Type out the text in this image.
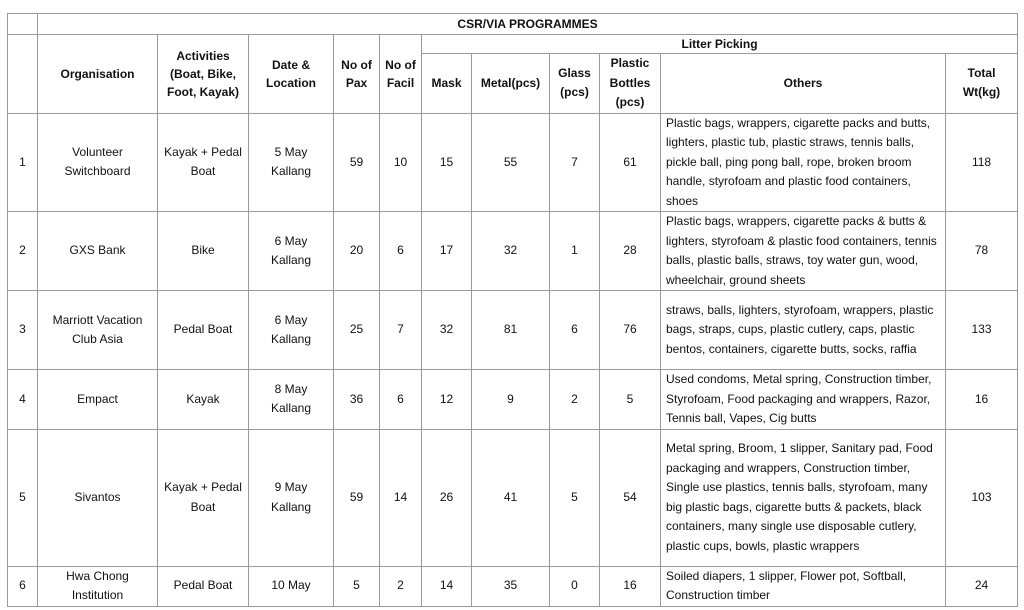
	CSR/VIA PROGRAMMES										
	Organisation	Activities (Boat, Bike, Foot, Kayak)	Date & Location	No of Pax	No of Facil	Litter Picking					
						Mask	Metal(pcs)	Glass (pcs)	Plastic Bottles (pcs)	Others	Total Wt(kg)
1	Volunteer Switchboard	Kayak + Pedal Boat	5 May Kallang	59	10	15	55	7	61	Plastic bags, wrappers, cigarette packs and butts, lighters, plastic tub, plastic straws, tennis balls, pickle ball, ping pong ball, rope, broken broom handle, styrofoam and plastic food containers, shoes	118
2	GXS Bank	Bike	6 May Kallang	20	6	17	32	1	28	Plastic bags, wrappers, cigarette packs & butts & lighters, styrofoam & plastic food containers, tennis balls, plastic balls, straws, toy water gun, wood, wheelchair, ground sheets	78
3	Marriott Vacation Club Asia	Pedal Boat	6 May Kallang	25	7	32	81	6	76	straws, balls, lighters, styrofoam, wrappers, plastic bags, straps, cups, plastic cutlery, caps, plastic bentos, containers, cigarette butts, socks, raffia	133
4	Empact	Kayak	8 May Kallang	36	6	12	9	2	5	Used condoms, Metal spring, Construction timber, Styrofoam, Food packaging and wrappers, Razor, Tennis ball, Vapes, Cig butts	16
5	Sivantos	Kayak + Pedal Boat	9 May Kallang	59	14	26	41	5	54	Metal spring, Broom, 1 slipper, Sanitary pad, Food packaging and wrappers, Construction timber, Single use plastics, tennis balls, styrofoam, many big plastic bags, cigarette butts & packets, black containers, many single use disposable cutlery, plastic cups, bowls, plastic wrappers	103
6	Hwa Chong Institution	Pedal Boat	10 May	5	2	14	35	0	16	Soiled diapers, 1 slipper, Flower pot, Softball, Construction timber	24
